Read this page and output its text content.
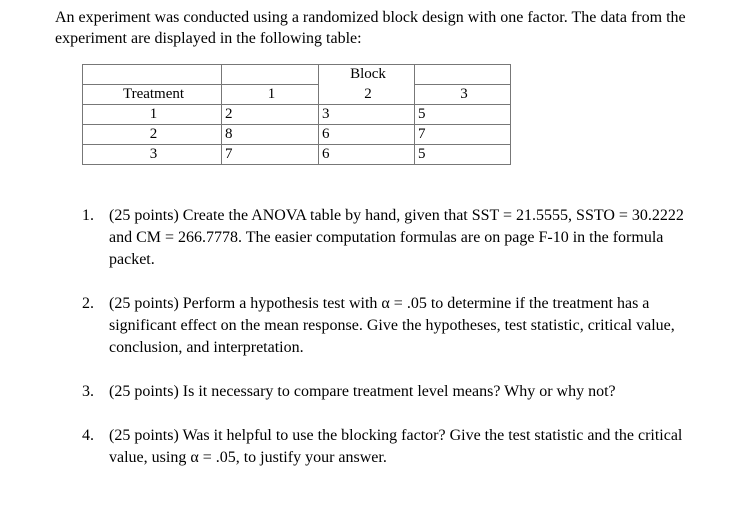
An experiment was conducted using a randomized block design with one factor. The data from the experiment are displayed in the following table:

		Block	
Treatment	1	2	3
1	2	3	5
2	8	6	7
3	7	6	5
1. (25 points) Create the ANOVA table by hand, given that SST = 21.5555, SSTO = 30.2222 and CM = 266.7778. The easier computation formulas are on page F-10 in the formula packet.
2. (25 points) Perform a hypothesis test with α = .05 to determine if the treatment has a significant effect on the mean response. Give the hypotheses, test statistic, critical value, conclusion, and interpretation.
3. (25 points) Is it necessary to compare treatment level means? Why or why not?
4. (25 points) Was it helpful to use the blocking factor? Give the test statistic and the critical value, using α = .05, to justify your answer.
